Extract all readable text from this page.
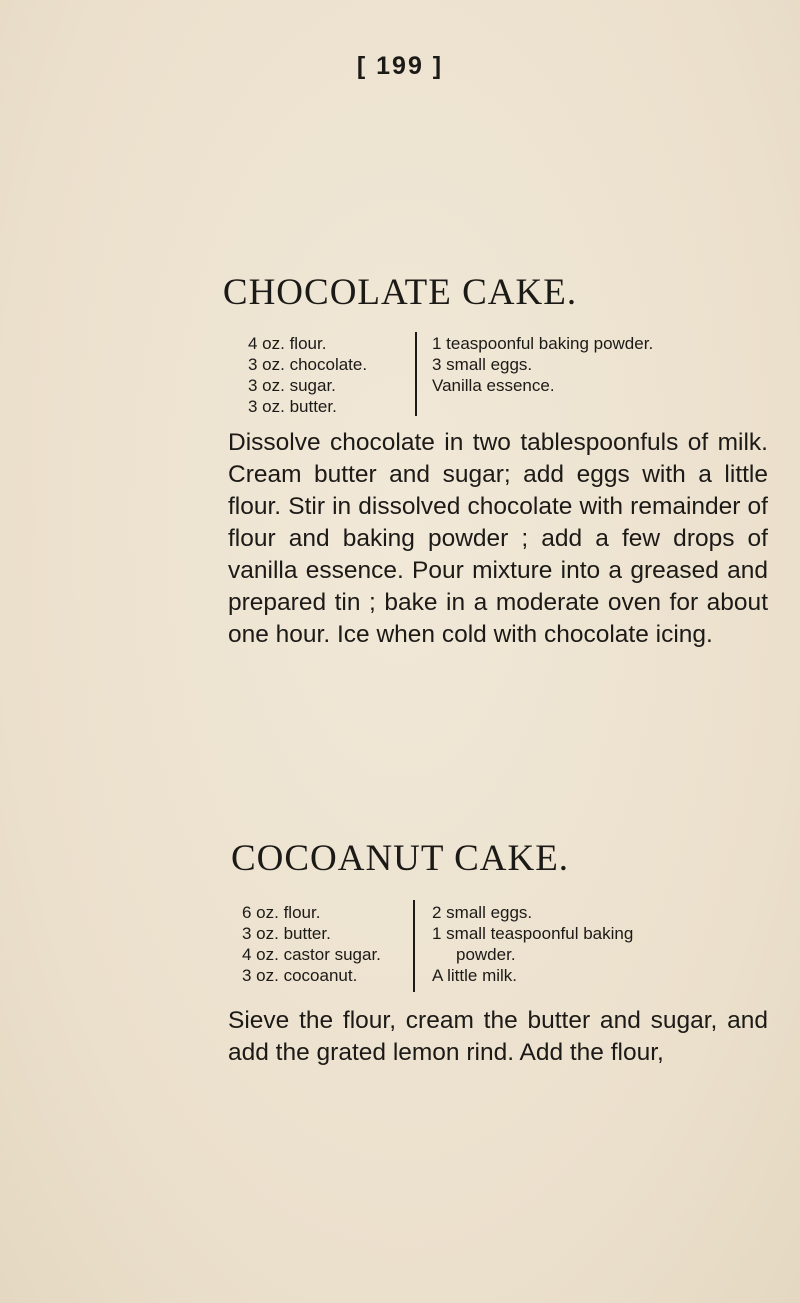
[ 199 ]
CHOCOLATE CAKE.
4 oz. flour.
3 oz. chocolate.
3 oz. sugar.
3 oz. butter.
1 teaspoonful baking powder.
3 small eggs.
Vanilla essence.
Dissolve chocolate in two tablespoonfuls of milk. Cream butter and sugar; add eggs with a little flour. Stir in dissolved chocolate with remainder of flour and baking powder ; add a few drops of vanilla essence. Pour mixture into a greased and prepared tin ; bake in a moderate oven for about one hour. Ice when cold with chocolate icing.
COCOANUT CAKE.
6 oz. flour.
3 oz. butter.
4 oz. castor sugar.
3 oz. cocoanut.
2 small eggs.
1 small teaspoonful baking
powder.
A little milk.
Sieve the flour, cream the butter and sugar, and add the grated lemon rind. Add the flour,
